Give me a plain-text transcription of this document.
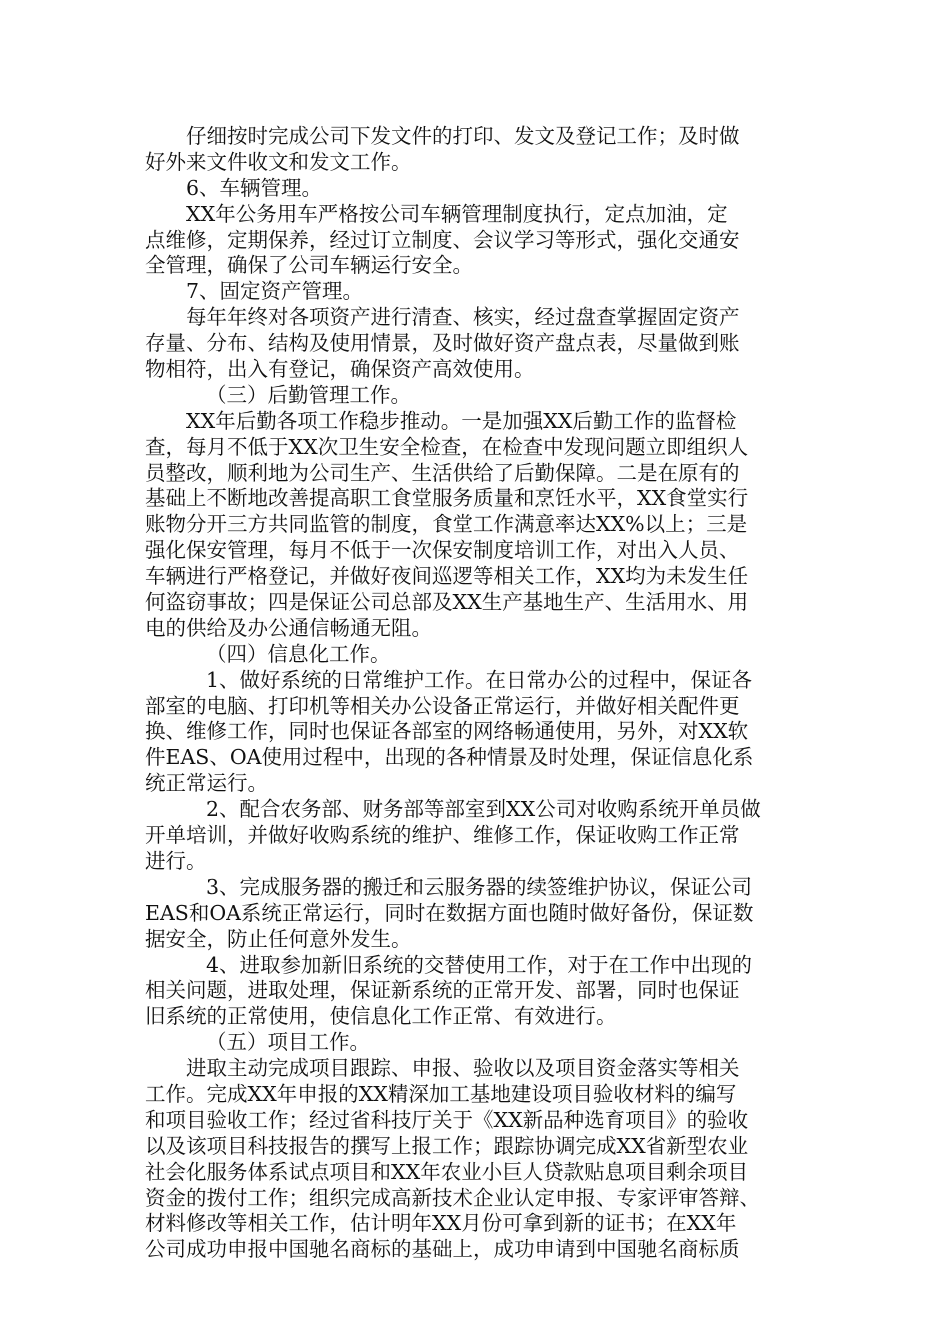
仔细按时完成公司下发文件的打印、发文及登记工作；及时做
好外来文件收文和发文工作。
6、车辆管理。
XX年公务用车严格按公司车辆管理制度执行，定点加油，定
点维修，定期保养，经过订立制度、会议学习等形式，强化交通安
全管理，确保了公司车辆运行安全。
7、固定资产管理。
每年年终对各项资产进行清查、核实，经过盘查掌握固定资产
存量、分布、结构及使用情景，及时做好资产盘点表，尽量做到账
物相符，出入有登记，确保资产高效使用。
（三）后勤管理工作。
XX年后勤各项工作稳步推动。一是加强XX后勤工作的监督检
查，每月不低于XX次卫生安全检查，在检查中发现问题立即组织人
员整改，顺利地为公司生产、生活供给了后勤保障。二是在原有的
基础上不断地改善提高职工食堂服务质量和烹饪水平，XX食堂实行
账物分开三方共同监管的制度，食堂工作满意率达XX%以上；三是
强化保安管理，每月不低于一次保安制度培训工作，对出入人员、
车辆进行严格登记，并做好夜间巡逻等相关工作，XX均为未发生任
何盗窃事故；四是保证公司总部及XX生产基地生产、生活用水、用
电的供给及办公通信畅通无阻。
（四）信息化工作。
1、做好系统的日常维护工作。在日常办公的过程中，保证各
部室的电脑、打印机等相关办公设备正常运行，并做好相关配件更
换、维修工作，同时也保证各部室的网络畅通使用，另外，对XX软
件EAS、OA使用过程中，出现的各种情景及时处理，保证信息化系
统正常运行。
2、配合农务部、财务部等部室到XX公司对收购系统开单员做
开单培训，并做好收购系统的维护、维修工作，保证收购工作正常
进行。
3、完成服务器的搬迁和云服务器的续签维护协议，保证公司
EAS和OA系统正常运行，同时在数据方面也随时做好备份，保证数
据安全，防止任何意外发生。
4、进取参加新旧系统的交替使用工作，对于在工作中出现的
相关问题，进取处理，保证新系统的正常开发、部署，同时也保证
旧系统的正常使用，使信息化工作正常、有效进行。
（五）项目工作。
进取主动完成项目跟踪、申报、验收以及项目资金落实等相关
工作。完成XX年申报的XX精深加工基地建设项目验收材料的编写
和项目验收工作；经过省科技厅关于《XX新品种选育项目》的验收
以及该项目科技报告的撰写上报工作；跟踪协调完成XX省新型农业
社会化服务体系试点项目和XX年农业小巨人贷款贴息项目剩余项目
资金的拨付工作；组织完成高新技术企业认定申报、专家评审答辩、
材料修改等相关工作，估计明年XX月份可拿到新的证书；在XX年
公司成功申报中国驰名商标的基础上，成功申请到中国驰名商标质
